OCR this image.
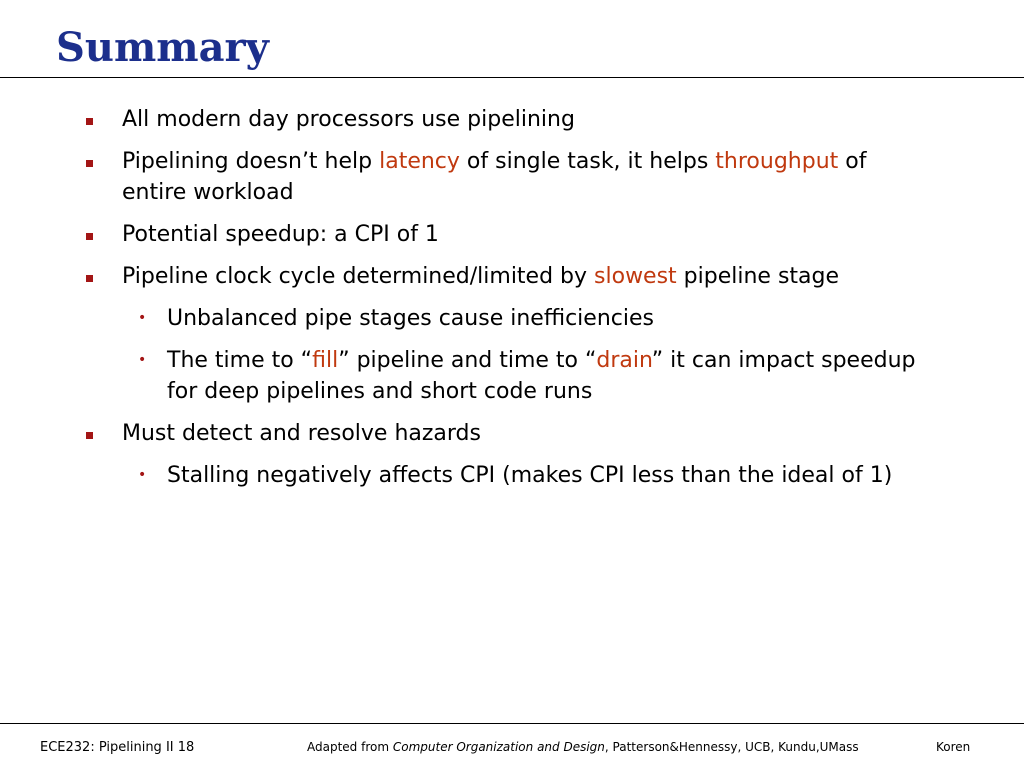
Summary
All modern day processors use pipelining
Pipelining doesn’t help latency of single task, it helps throughput of entire workload
Potential speedup: a CPI of 1
Pipeline clock cycle determined/limited by slowest pipeline stage
• Unbalanced pipe stages cause inefficiencies
• The time to “fill” pipeline and time to “drain” it can impact speedup for deep pipelines and short code runs
Must detect and resolve hazards
• Stalling negatively affects CPI (makes CPI less than the ideal of 1)
ECE232: Pipelining II 18	Adapted from Computer Organization and Design, Patterson&Hennessy, UCB, Kundu,UMass	Koren
